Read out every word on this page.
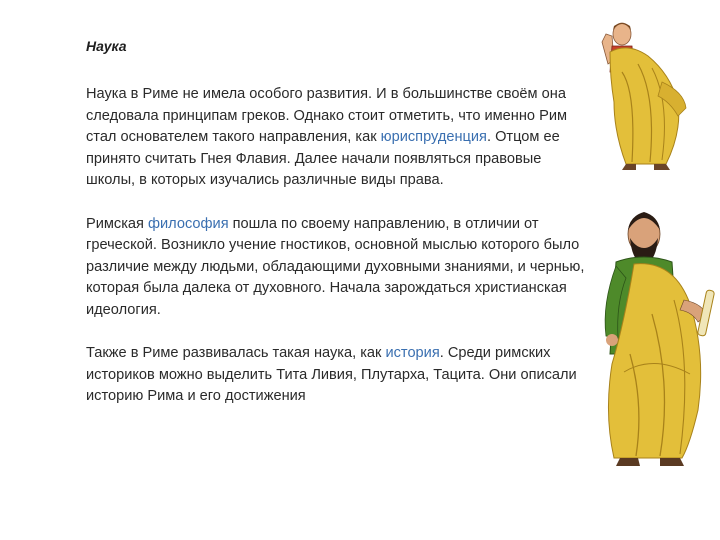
Наука

Наука в Риме не имела особого развития. И в большинстве своём она следовала принципам греков. Однако стоит отметить, что именно Рим стал основателем такого направления, как юриспруденция. Отцом ее принято считать Гнея Флавия. Далее начали появляться правовые школы, в которых изучались различные виды права.

Римская философия пошла по своему направлению, в отличии от греческой. Возникло учение гностиков, основной мыслью которого было различие между людьми, обладающими духовными знаниями, и чернью, которая была далека от духовного. Начала зарождаться христианская идеология.

Также в Риме развивалась такая наука, как история. Среди римских историков можно выделить Тита Ливия, Плутарха, Тацита. Они описали историю Рима и его достижения
